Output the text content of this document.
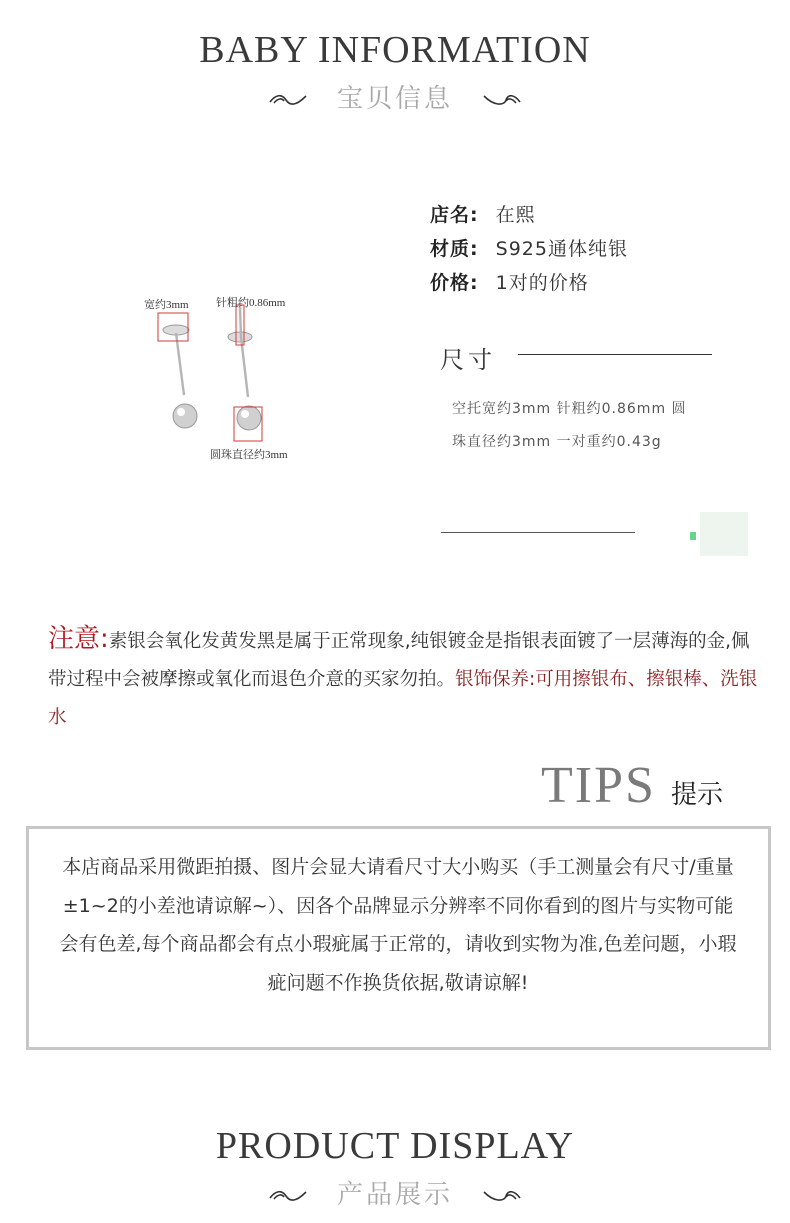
BABY INFORMATION
宝贝信息
宽约3mm 针粗约0.86mm
圆珠直径约3mm
店名: 在熙
材质: S925通体纯银
价格: 1对的价格
尺寸
空托宽约3mm 针粗约0.86mm 圆
珠直径约3mm 一对重约0.43g
注意:素银会氧化发黄发黑是属于正常现象,纯银镀金是指银表面镀了一层薄海的金,佩带过程中会被摩擦或氧化而退色介意的买家勿拍。银饰保养:可用擦银布、擦银棒、洗银水
TIPS 提示
本店商品采用微距拍摄、图片会显大请看尺寸大小购买（手工测量会有尺寸/重量±1~2的小差池请谅解~）、因各个品牌显示分辨率不同你看到的图片与实物可能会有色差,每个商品都会有点小瑕疵属于正常的，请收到实物为准,色差问题，小瑕疵问题不作换货依据,敬请谅解!
PRODUCT DISPLAY
产品展示
